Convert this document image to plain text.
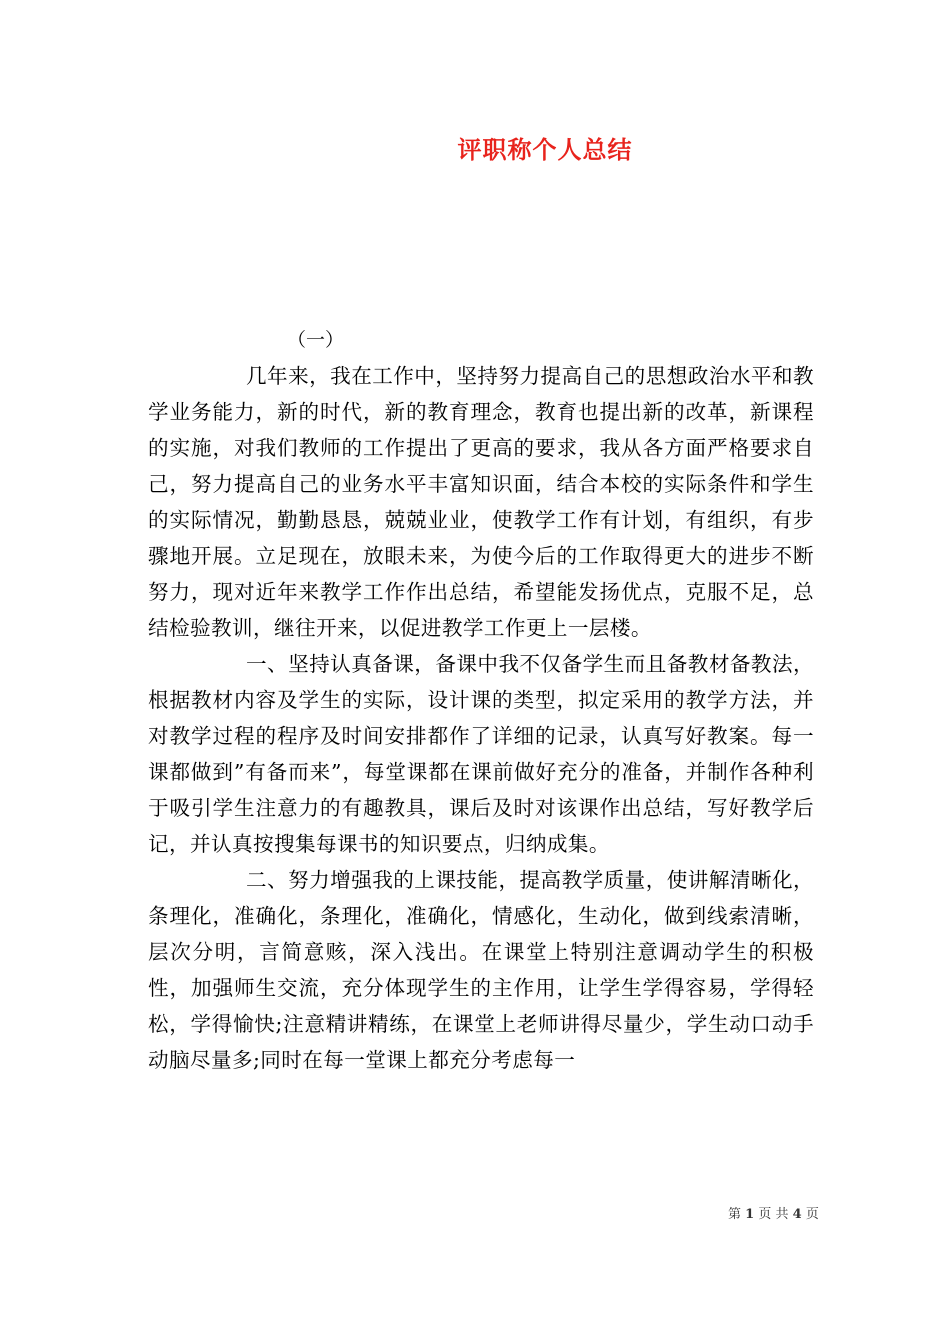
评职称个人总结
（一）

几年来，我在工作中，坚持努力提高自己的思想政治水平和教学业务能力，新的时代，新的教育理念，教育也提出新的改革，新课程的实施，对我们教师的工作提出了更高的要求，我从各方面严格要求自己，努力提高自己的业务水平丰富知识面，结合本校的实际条件和学生的实际情况，勤勤恳恳，兢兢业业，使教学工作有计划，有组织，有步骤地开展。立足现在，放眼未来，为使今后的工作取得更大的进步不断努力，现对近年来教学工作作出总结，希望能发扬优点，克服不足，总结检验教训，继往开来，以促进教学工作更上一层楼。

一、坚持认真备课，备课中我不仅备学生而且备教材备教法，根据教材内容及学生的实际，设计课的类型，拟定采用的教学方法，并对教学过程的程序及时间安排都作了详细的记录，认真写好教案。每一课都做到”有备而来”，每堂课都在课前做好充分的准备，并制作各种利于吸引学生注意力的有趣教具，课后及时对该课作出总结，写好教学后记，并认真按搜集每课书的知识要点，归纳成集。

二、努力增强我的上课技能，提高教学质量，使讲解清晰化，条理化，准确化，条理化，准确化，情感化，生动化，做到线索清晰，层次分明，言简意赅，深入浅出。在课堂上特别注意调动学生的积极性，加强师生交流，充分体现学生的主作用，让学生学得容易，学得轻松，学得愉快;注意精讲精练，在课堂上老师讲得尽量少，学生动口动手动脑尽量多;同时在每一堂课上都充分考虑每一

第 1 页 共 4 页
